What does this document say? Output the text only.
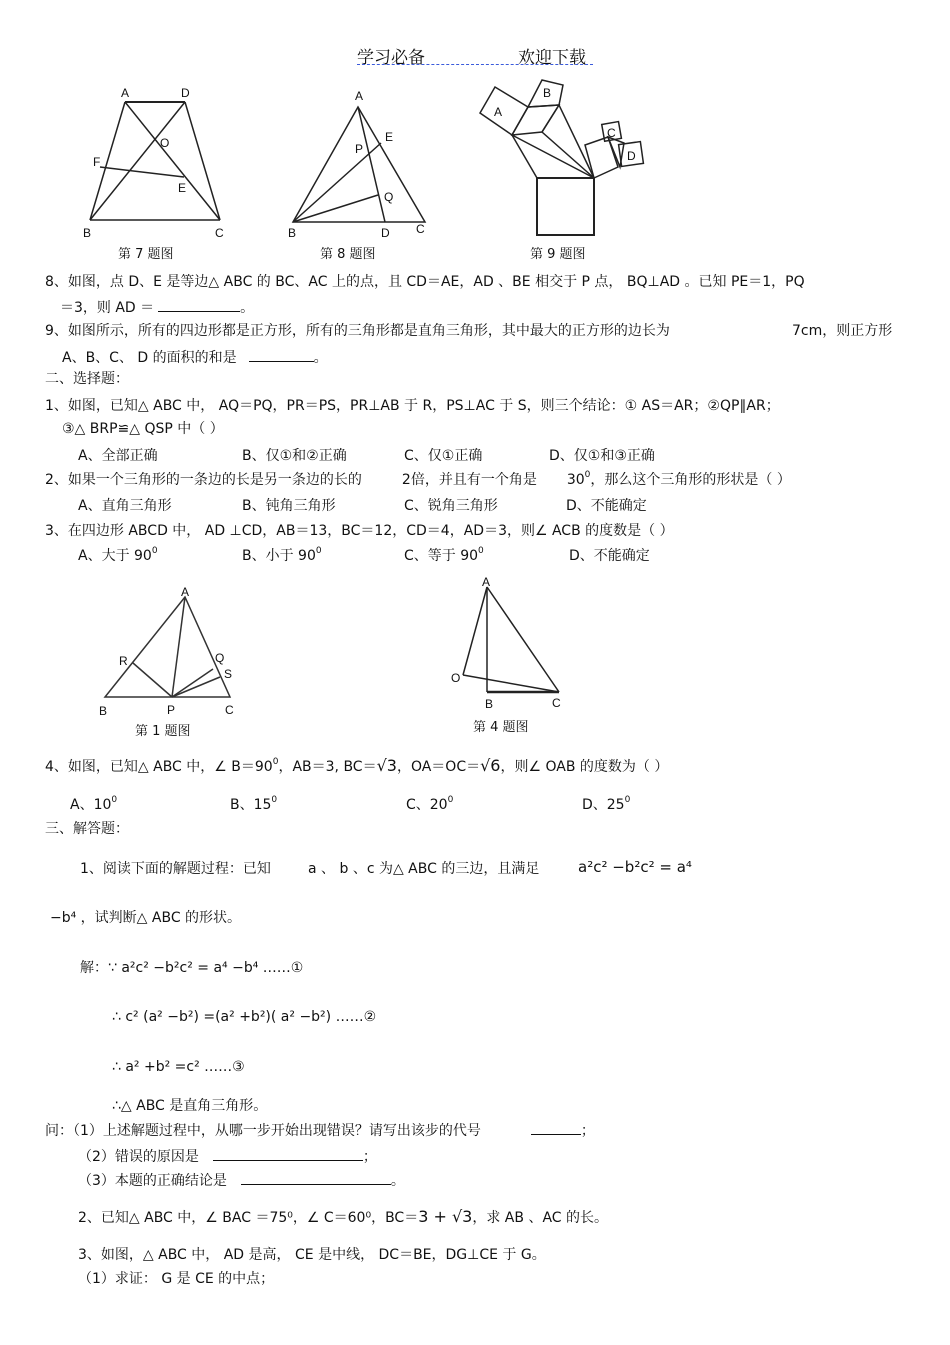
学习必备	欢迎下载
A	D
O
F
E
B	C
第 7 题图
A
E
P
Q
B	D C
第 8 题图
A
B
C
D
第 9 题图
8、如图，点 D、E 是等边△ ABC 的 BC、AC 上的点，且 CD＝AE，AD 、BE 相交于 P 点， BQ⊥AD 。已知 PE＝1，PQ
＝3，则 AD ＝	。
9、如图所示，所有的四边形都是正方形，所有的三角形都是直角三角形，其中最大的正方形的边长为	7cm，则正方形
A、B、C、 D 的面积的和是	。
二、选择题：
1、如图，已知△ ABC 中， AQ＝PQ，PR＝PS，PR⊥AB 于 R，PS⊥AC 于 S，则三个结论：① AS＝AR；②QP∥AR；
③△ BRP≌△ QSP 中（ ）
A、全部正确	B、仅①和②正确	C、仅①正确	D、仅①和③正确
2、如果一个三角形的一条边的长是另一条边的长的	2倍，并且有一个角是 $30^0$，那么这个三角形的形状是（ ）
A、直角三角形	B、钝角三角形	C、锐角三角形	D、不能确定
3、在四边形 ABCD 中， AD ⊥CD，AB＝13，BC＝12，CD＝4，AD＝3，则∠ ACB 的度数是（ ）
A、大于 $90^0$	B、小于 $90^0$	C、等于 $90^0$	D、不能确定
A
R	Q
S
B	P	C
第 1 题图
A
O
B	C
第 4 题图
4、如图，已知△ ABC 中，∠ $B=90^0$，AB＝3, BC＝√3，OA＝OC＝√6，则∠ OAB 的度数为（ ）
A、$10^0$	B、$15^0$	C、$20^0$	D、$25^0$
三、解答题：
1、阅读下面的解题过程：已知	a 、 b 、c 为△ ABC 的三边，且满足	a²c² −b²c² = a⁴
−b⁴ ，试判断△ ABC 的形状。
解：∵ a²c² −b²c² = a⁴ −b⁴ ……①
∴ c² (a² −b²) =(a² +b²)( a² −b²) ……②
∴ a² +b² =c² ……③
∴△ ABC 是直角三角形。
问：（1）上述解题过程中，从哪一步开始出现错误？请写出该步的代号	；
（2）错误的原因是	；
（3）本题的正确结论是	。
2、已知△ ABC 中，∠ BAC ＝75⁰，∠ C＝60⁰，BC＝3 + √3，求 AB 、AC 的长。
3、如图，△ ABC 中， AD 是高， CE 是中线， DC＝BE，DG⊥CE 于 G。
（1）求证： G 是 CE 的中点；
